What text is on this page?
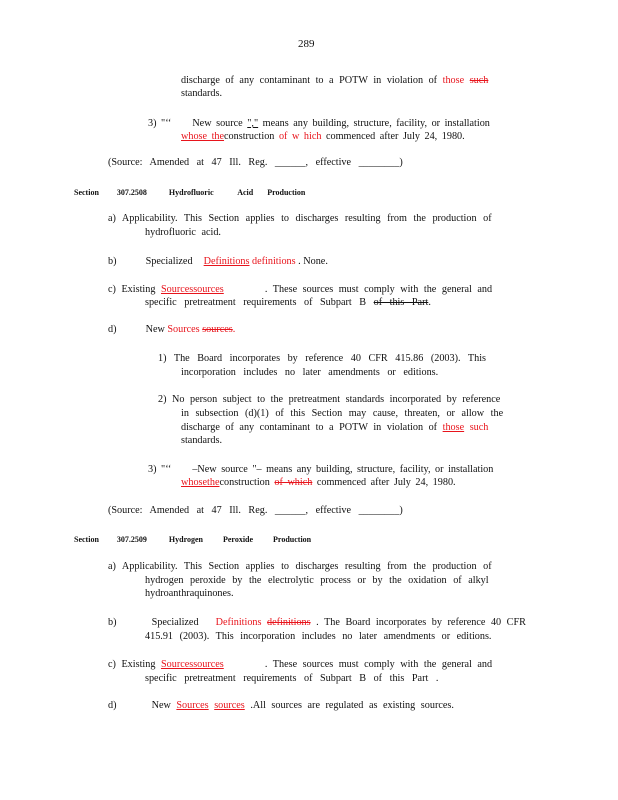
289
discharge of any contaminant to a POTW in violation of those such
standards.
3) "‘‘ New source "," means any building, structure, facility, or installation
whose theconstruction of w hich commenced after July 24, 1980.
(Source: Amended at 47 Ill. Reg. ______, effective ________)
Section 307.2508	Hydrofluoric	Acid Production
a) Applicability. This Section applies to discharges resulting from the production of
hydrofluoric acid.
b)	Specialized Definitions definitions . None.
c) Existing Sourcessources	. These sources must comply with the general and
specific pretreatment requirements of Subpart B of this Part.
d)	New Sources sources.
1) The Board incorporates by reference 40 CFR 415.86 (2003). This
incorporation includes no later amendments or editions.
2) No person subject to the pretreatment standards incorporated by reference
in subsection (d)(1) of this Section may cause, threaten, or allow the
discharge of any contaminant to a POTW in violation of those such
standards.
3) "‘‘ –New source "– means any building, structure, facility, or installation
whosetheconstruction of which commenced after July 24, 1980.
(Source: Amended at 47 Ill. Reg. ______, effective ________)
Section 307.2509	Hydrogen	Peroxide	Production
a) Applicability. This Section applies to discharges resulting from the production of
hydrogen peroxide by the electrolytic process or by the oxidation of alkyl
hydroanthraquinones.
b)	Specialized Definitions definitions . The Board incorporates by reference 40 CFR
415.91 (2003). This incorporation includes no later amendments or editions.
c) Existing Sourcessources	. These sources must comply with the general and
specific pretreatment requirements of Subpart B of this Part .
d)	New Sources sources .All sources are regulated as existing sources.
